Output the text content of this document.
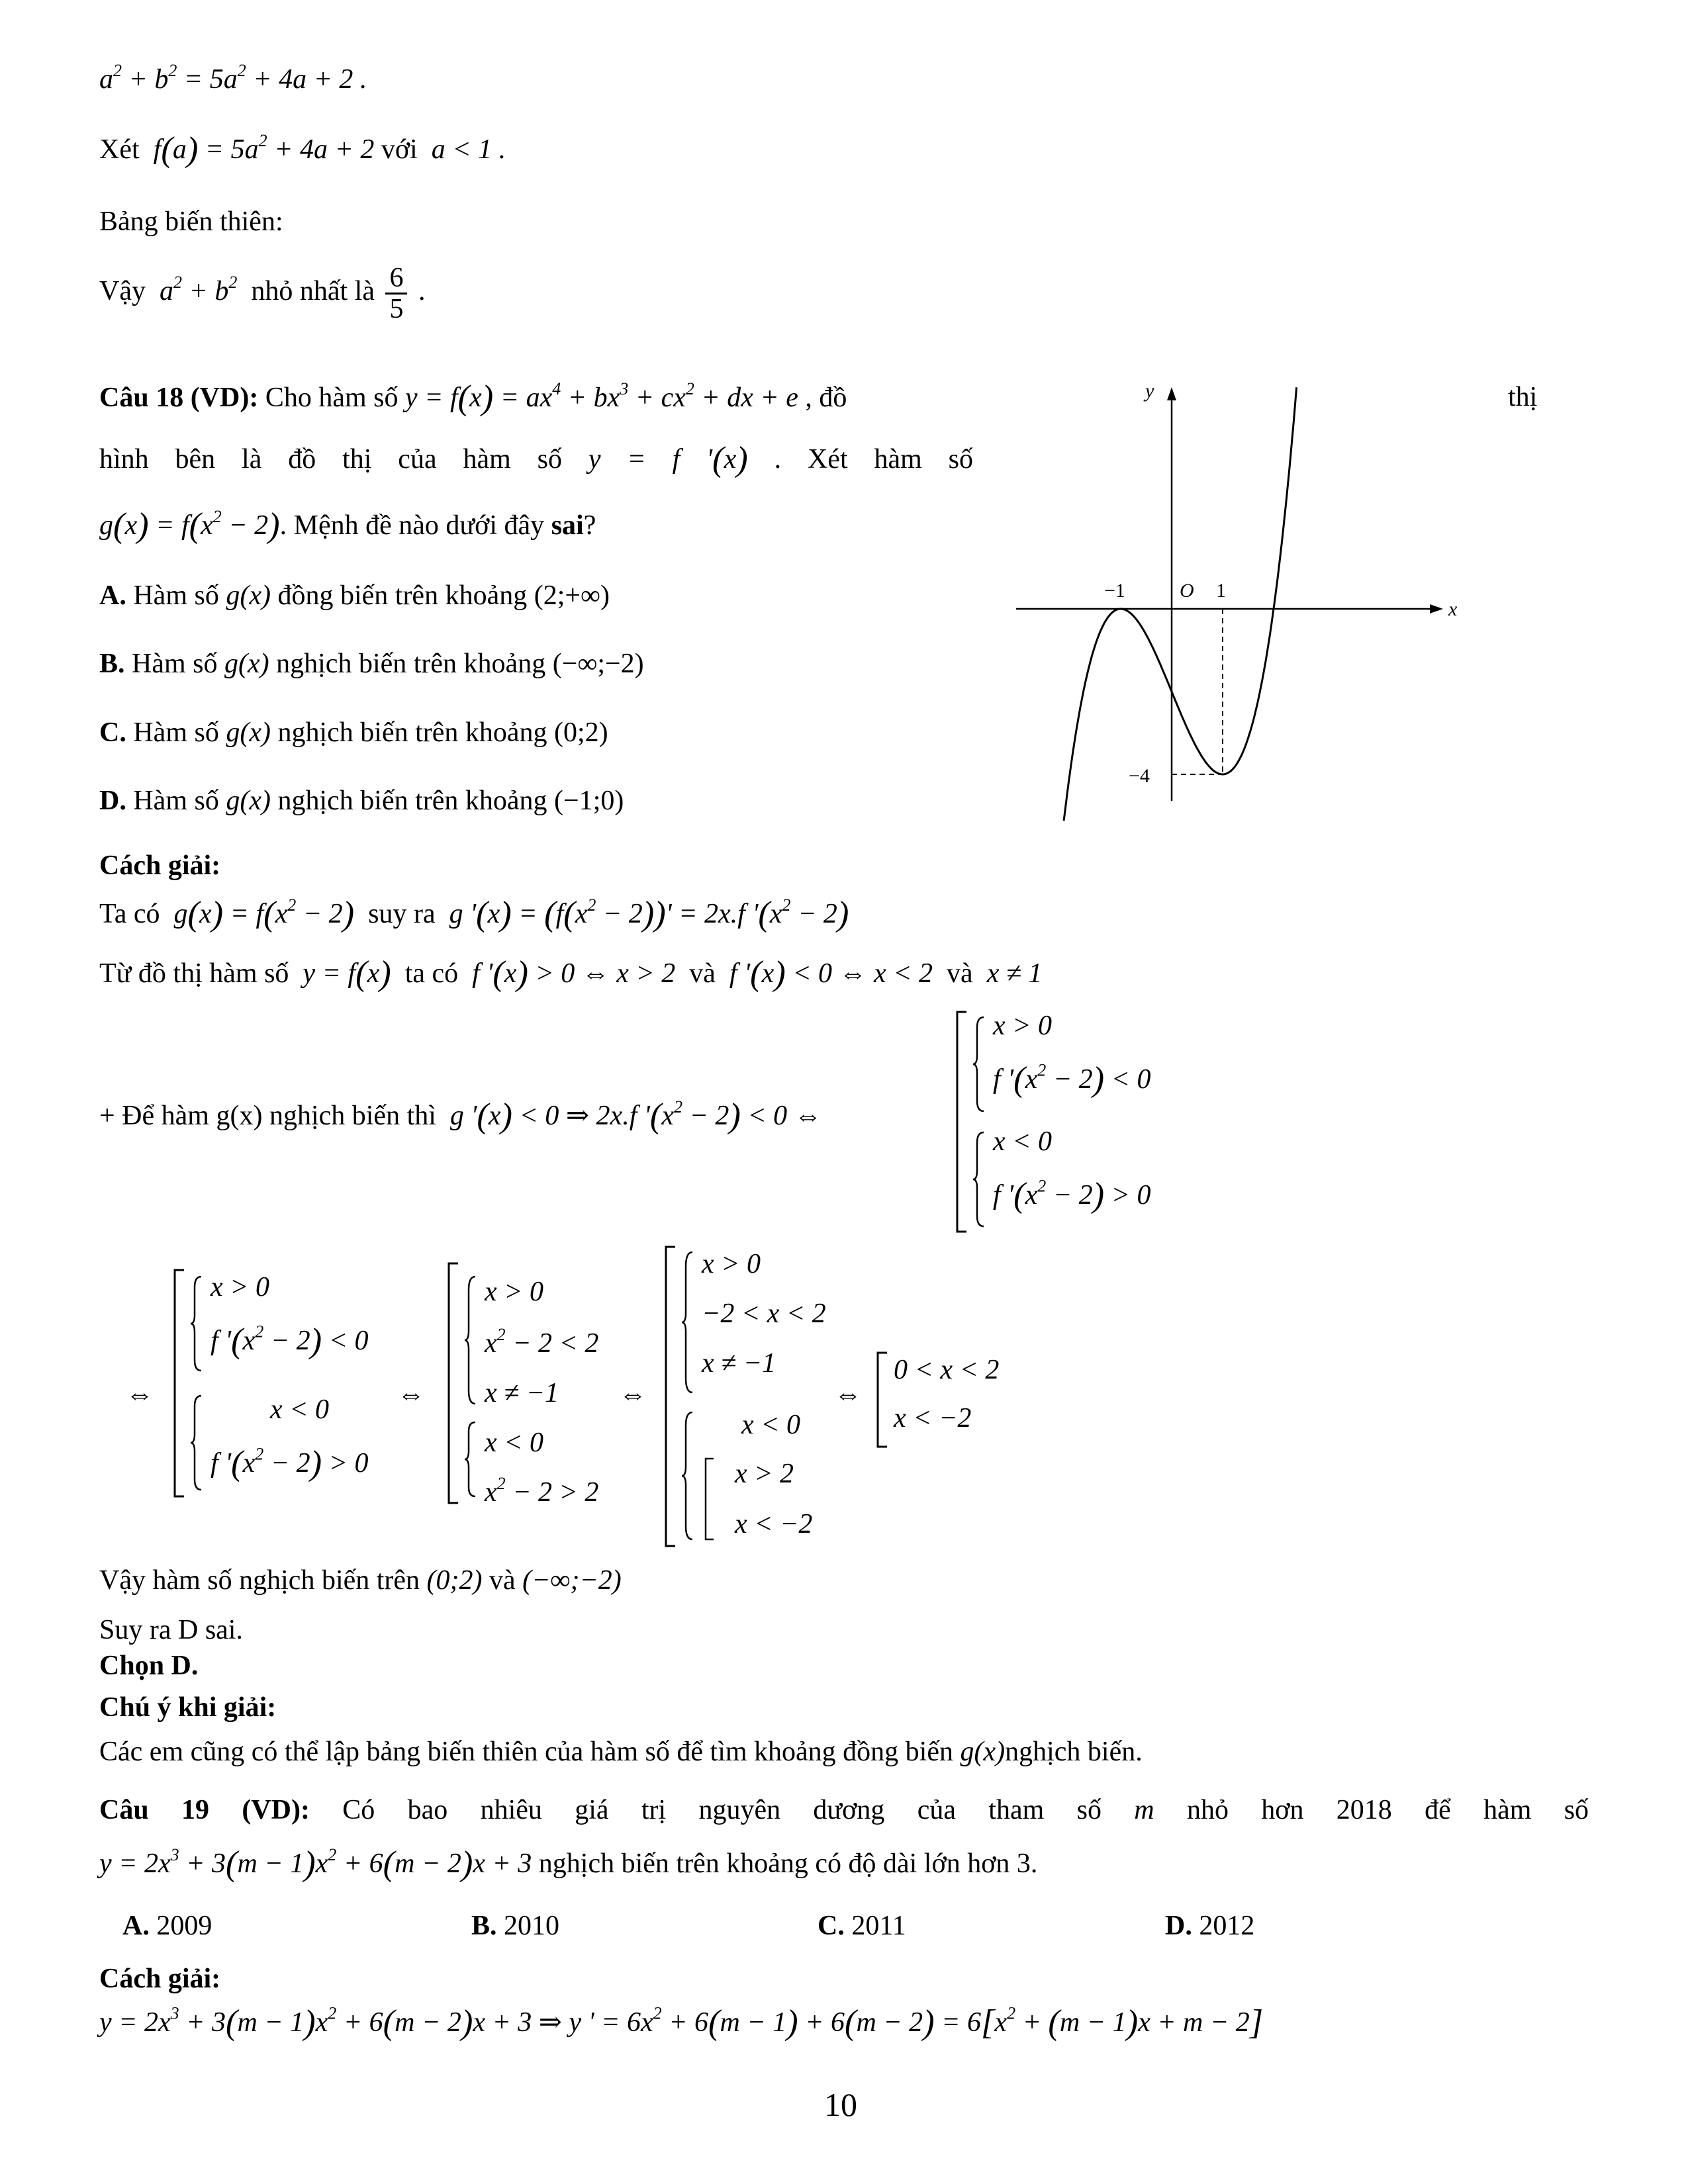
$a^2 + b^2 = 5a^2 + 4a + 2$ .
Xét  $f(a) = 5a^2 + 4a + 2$ với  a < 1 .
Bảng biến thiên:
Vậy  $a^2 + b^2$ nhỏ nhất là $\frac{6}{5}$ .
Câu 18 (VD): Cho hàm số $y = f(x) = ax^4 + bx^3 + cx^2$ + dx + e , đồ	thị
hình bên là đồ thị của hàm số y = f '(x) . Xét hàm số
$g(x) = f(x^2 - 2)$. Mệnh đề nào dưới đây sai?
A. Hàm số g(x) đồng biến trên khoảng (2;+∞)
B. Hàm số g(x) nghịch biến trên khoảng (−∞;−2)
C. Hàm số g(x) nghịch biến trên khoảng (0;2)
D. Hàm số g(x) nghịch biến trên khoảng (−1;0)
y
x
O
−1	1
−4
Cách giải:
Ta có  $g(x) = f(x^2 - 2)$ suy ra  g '$(x) = (f(x^2 - 2))' = 2x.f$ '$(x^2 - 2)$
Từ đồ thị hàm số  y = f(x) ta có  f '(x) > 0 ⇔ x > 2  và  f '(x) < 0 ⇔ x < 2  và  x ≠ 1
+ Để hàm g(x) nghịch biến thì  g '(x) < 0 ⇒ 2x.f '$(x^2 - 2) < 0$ ⇔
x > 0
f '$(x^2 - 2) < 0$
x < 0
f '$(x^2 - 2) > 0$
⇔
x > 0
f '$(x^2 - 2) < 0$
x < 0
f '$(x^2 - 2) > 0$
⇔
x > 0
$x^2 - 2 < 2$
x ≠ −1
x < 0
$x^2 - 2 > 2$
⇔
x > 0
−2 < x < 2
x ≠ −1
x < 0
x > 2
x < −2
⇔
0 < x < 2
x < −2
Vậy hàm số nghịch biến trên (0;2) và (−∞;−2)
Suy ra D sai.
Chọn D.
Chú ý khi giải:
Các em cũng có thể lập bảng biến thiên của hàm số để tìm khoảng đồng biến g(x)nghịch biến.
Câu 19 (VD): Có bao nhiêu giá trị nguyên dương của tham số m nhỏ hơn 2018 để hàm số
$y = 2x^3 + 3(m - 1)x^2 + 6(m - 2)x + 3$ nghịch biến trên khoảng có độ dài lớn hơn 3.
A. 2009	B. 2010	C. 2011	D. 2012
Cách giải:
$y = 2x^3 + 3(m - 1)x^2 + 6(m - 2)x + 3$ ⇒ y ' = $6x^2 + 6(m - 1) + 6(m - 2) = 6[x^2 + (m - 1)x + m - 2]$
10
